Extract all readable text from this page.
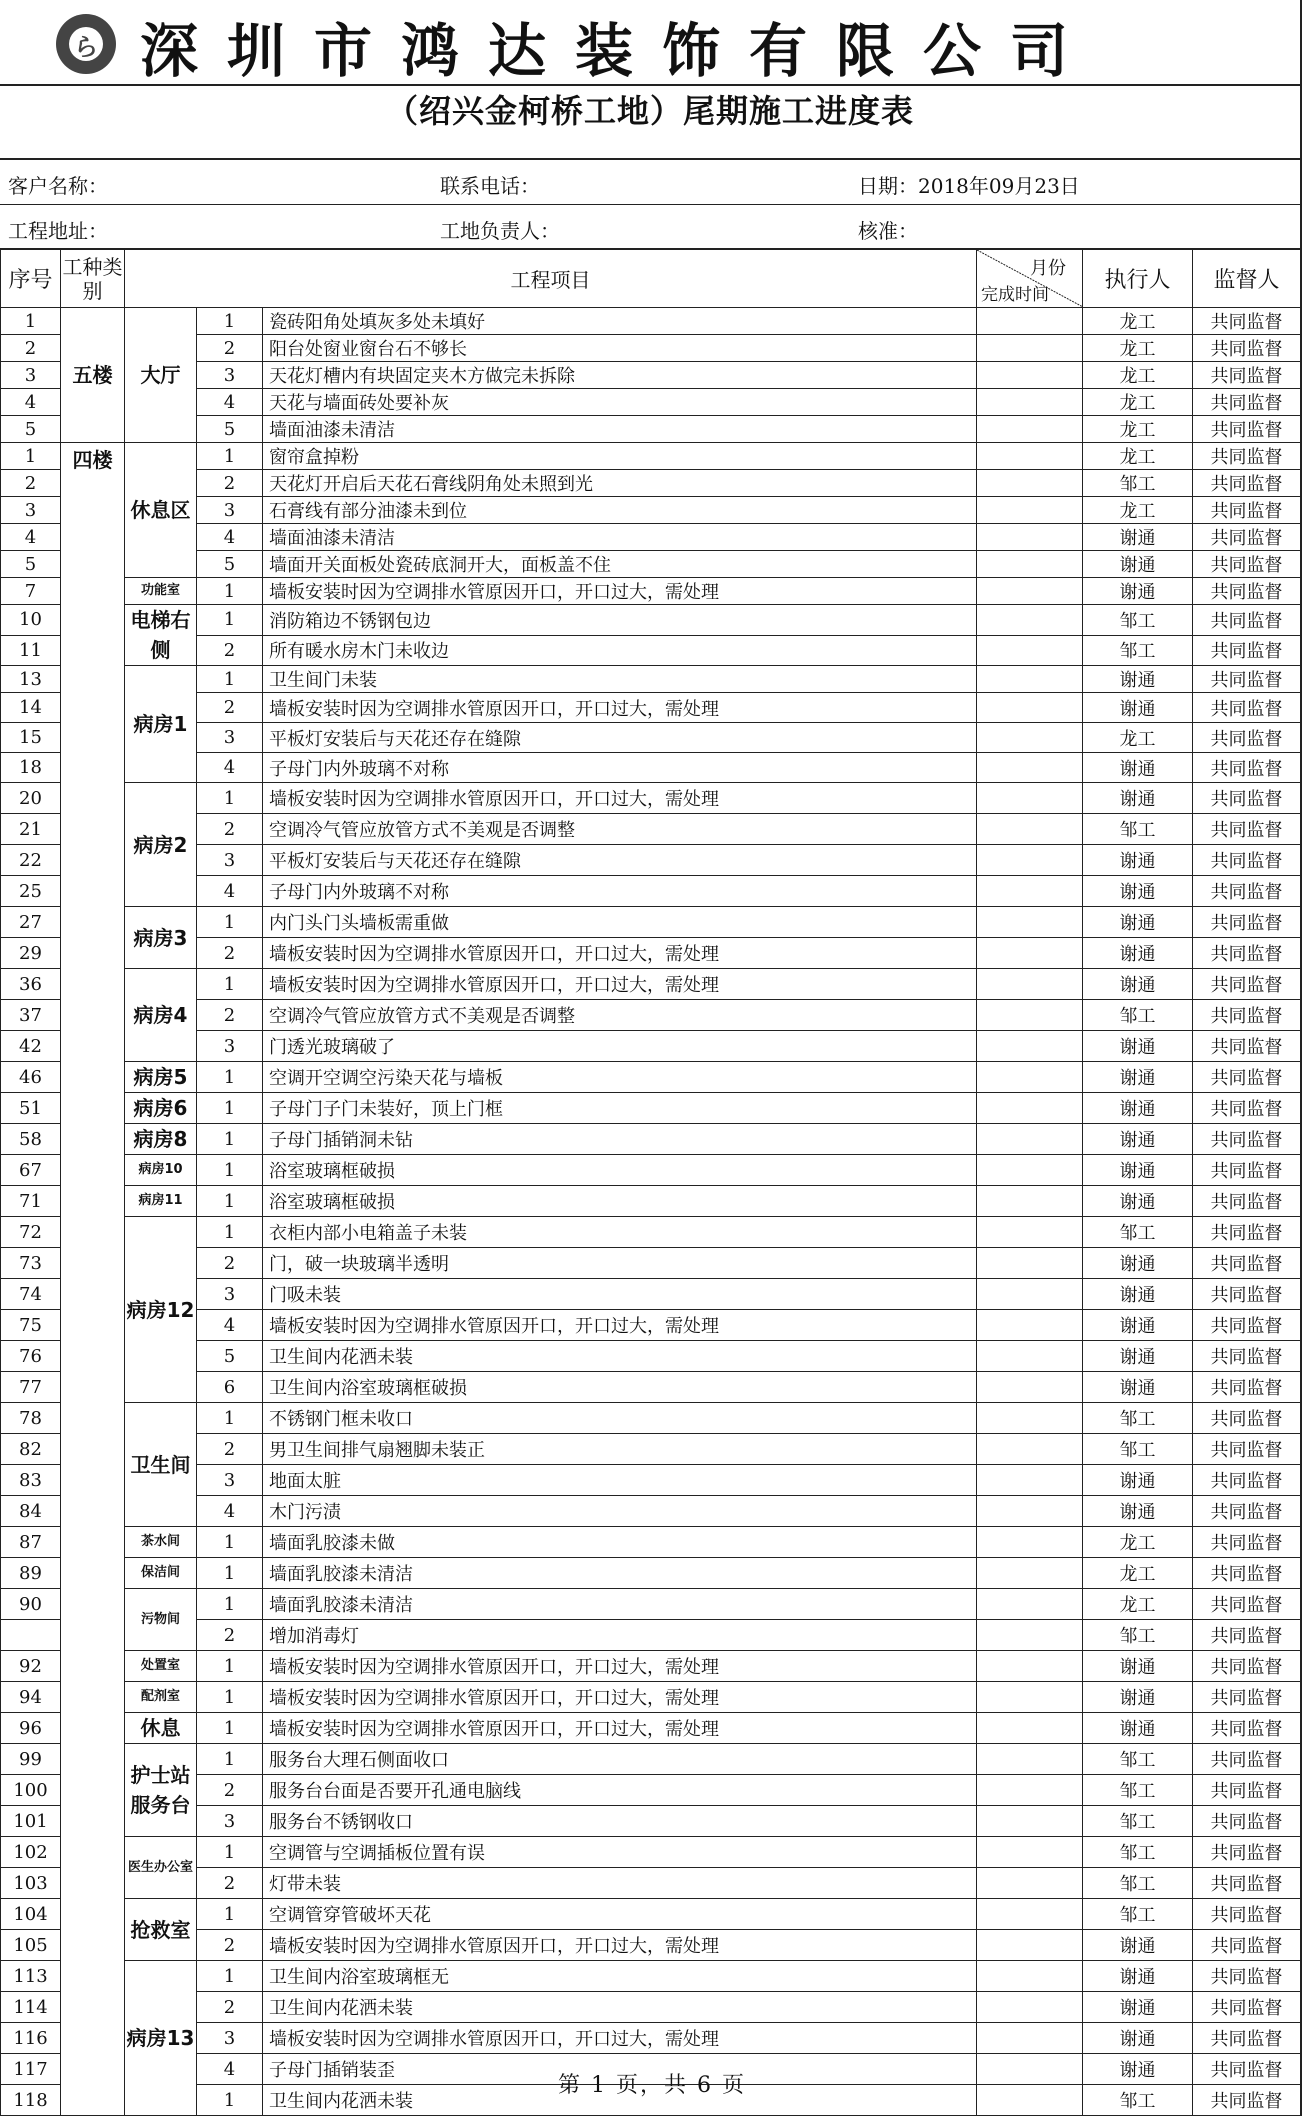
ら 深圳市鸿达装饰有限公司
（绍兴金柯桥工地）尾期施工进度表
客户名称：	联系电话：	日期：2018年09月23日
工程地址：	工地负责人：	核准：
序号	工种类别	工程项目			月份
完成时间	执行人	监督人
1	五楼	大厅	1	瓷砖阳角处填灰多处未填好		龙工	共同监督
2			2	阳台处窗业窗台石不够长		龙工	共同监督
3			3	天花灯槽内有块固定夹木方做完未拆除		龙工	共同监督
4			4	天花与墙面砖处要补灰		龙工	共同监督
5			5	墙面油漆未清洁		龙工	共同监督
1	四楼	休息区	1	窗帘盒掉粉		龙工	共同监督
2			2	天花灯开启后天花石膏线阴角处未照到光		邹工	共同监督
3			3	石膏线有部分油漆未到位		龙工	共同监督
4			4	墙面油漆未清洁		谢通	共同监督
5			5	墙面开关面板处瓷砖底洞开大，面板盖不住		谢通	共同监督
7		功能室	1	墙板安装时因为空调排水管原因开口，开口过大，需处理		谢通	共同监督
10		电梯右侧	1	消防箱边不锈钢包边		邹工	共同监督
11			2	所有暖水房木门未收边		邹工	共同监督
13		病房1	1	卫生间门未装		谢通	共同监督
14			2	墙板安装时因为空调排水管原因开口，开口过大，需处理		谢通	共同监督
15			3	平板灯安装后与天花还存在缝隙		龙工	共同监督
18			4	子母门内外玻璃不对称		谢通	共同监督
20		病房2	1	墙板安装时因为空调排水管原因开口，开口过大，需处理		谢通	共同监督
21			2	空调冷气管应放管方式不美观是否调整		邹工	共同监督
22			3	平板灯安装后与天花还存在缝隙		谢通	共同监督
25			4	子母门内外玻璃不对称		谢通	共同监督
27		病房3	1	内门头门头墙板需重做		谢通	共同监督
29			2	墙板安装时因为空调排水管原因开口，开口过大，需处理		谢通	共同监督
36		病房4	1	墙板安装时因为空调排水管原因开口，开口过大，需处理		谢通	共同监督
37			2	空调冷气管应放管方式不美观是否调整		邹工	共同监督
42			3	门透光玻璃破了		谢通	共同监督
46		病房5	1	空调开空调空污染天花与墙板		谢通	共同监督
51		病房6	1	子母门子门未装好，顶上门框		谢通	共同监督
58		病房8	1	子母门插销洞未钻		谢通	共同监督
67		病房10	1	浴室玻璃框破损		谢通	共同监督
71		病房11	1	浴室玻璃框破损		谢通	共同监督
72		病房12	1	衣柜内部小电箱盖子未装		邹工	共同监督
73			2	门，破一块玻璃半透明		谢通	共同监督
74			3	门吸未装		谢通	共同监督
75			4	墙板安装时因为空调排水管原因开口，开口过大，需处理		谢通	共同监督
76			5	卫生间内花洒未装		谢通	共同监督
77			6	卫生间内浴室玻璃框破损		谢通	共同监督
78		卫生间	1	不锈钢门框未收口		邹工	共同监督
82			2	男卫生间排气扇翘脚未装正		邹工	共同监督
83			3	地面太脏		谢通	共同监督
84			4	木门污渍		谢通	共同监督
87		茶水间	1	墙面乳胶漆未做		龙工	共同监督
89		保洁间	1	墙面乳胶漆未清洁		龙工	共同监督
90		污物间	1	墙面乳胶漆未清洁		龙工	共同监督
			2	增加消毒灯		邹工	共同监督
92		处置室	1	墙板安装时因为空调排水管原因开口，开口过大，需处理		谢通	共同监督
94		配剂室	1	墙板安装时因为空调排水管原因开口，开口过大，需处理		谢通	共同监督
96		休息	1	墙板安装时因为空调排水管原因开口，开口过大，需处理		谢通	共同监督
99		护士站服务台	1	服务台大理石侧面收口		邹工	共同监督
100			2	服务台台面是否要开孔通电脑线		邹工	共同监督
101			3	服务台不锈钢收口		邹工	共同监督
102		医生办公室	1	空调管与空调插板位置有误		邹工	共同监督
103			2	灯带未装		邹工	共同监督
104		抢救室	1	空调管穿管破坏天花		邹工	共同监督
105			2	墙板安装时因为空调排水管原因开口，开口过大，需处理		谢通	共同监督
113		病房13	1	卫生间内浴室玻璃框无		谢通	共同监督
114			2	卫生间内花洒未装		谢通	共同监督
116			3	墙板安装时因为空调排水管原因开口，开口过大，需处理		谢通	共同监督
117			4	子母门插销装歪		谢通	共同监督
118			1	卫生间内花洒未装		邹工	共同监督
第 1 页，共 6 页
